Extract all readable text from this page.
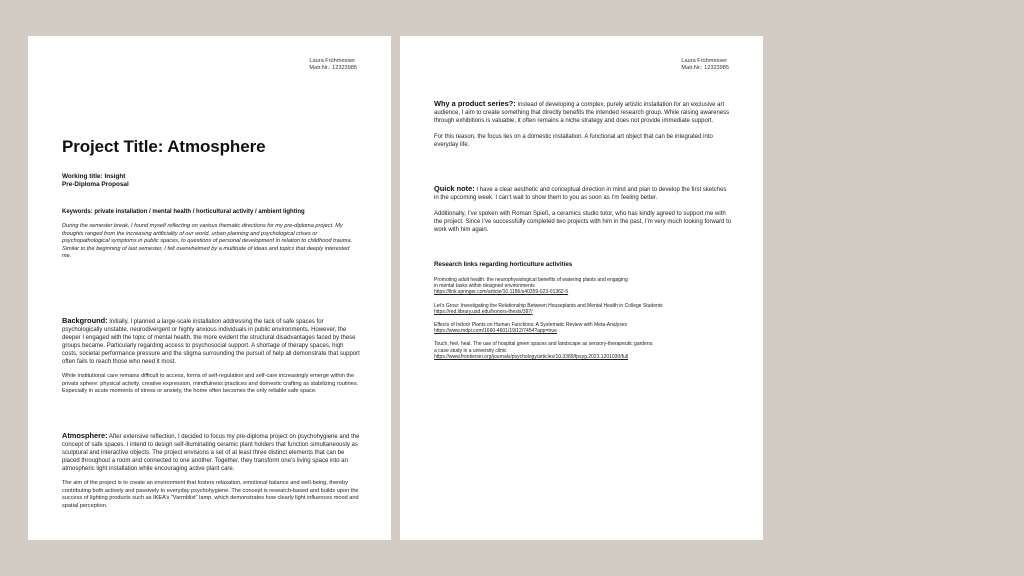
Laura Frühmesser
Matr.Nr.: 12323985
Project Title: Atmosphere
Working title: Insight
Pre-Diploma Proposal
Keywords: private installation / mental health / horticultural activity / ambient lighting

During the semester break, I found myself reflecting on various thematic directions for my pre-diploma project. My thoughts ranged from the increasing artificiality of our world, urban planning and psychological crises or psychopathological symptoms in public spaces, to questions of personal development in relation to childhood trauma. Similar to the beginning of last semester, I felt overwhelmed by a multitude of ideas and topics that deeply interested me.

Background: Initially, I planned a large-scale installation addressing the lack of safe spaces for psychologically unstable, neurodivergent or highly anxious individuals in public environments. However, the deeper I engaged with the topic of mental health, the more evident the structural disadvantages faced by these groups became. Particularly regarding access to psychosocial support. A shortage of therapy spaces, high costs, societal performance pressure and the stigma surrounding the pursuit of help all demonstrate that support often fails to reach those who need it most.

While institutional care remains difficult to access, forms of self-regulation and self-care increasingly emerge within the privats sphere: physical activity, creative expression, mindfulness practices and domestic crafting as stabilizing routines. Especially in acute moments of stress or anxiety, the home often becomes the only reliable safe space.

Atmosphere: After extensive reflection, I decided to focus my pre-diploma project on psychohygiene and the concept of safe spaces. I intend to design self-illuminating ceramic plant holders that function simultaneously as sculptural and interactive objects. The project envisions a set of at least three distinct elements that can be placed throughout a room and connected to one another. Together, they transform one’s living space into an atmospheric light installation while encouraging active plant care.

The aim of the project is to create an environment that fosters relaxation, emotional balance and well-being, thereby contributing both actively and passively to everyday psychohygiene. The concept is research-based and builds upon the success of lighting products such as IKEA’s “Varmblixt” lamp, which demonstrates how clearly light influences mood and spatial perception.

Laura Frühmesser
Matr.Nr.: 12323985

Why a product series?: Instead of developing a complex, purely artistic installation for an exclusive art audience, I aim to create something that directly benefits the intended research group. While raising awareness through exhibitions is valuable, it often remains a niche strategy and does not provide immediate support.

For this reason, the focus lies on a domestic installation. A functional art object that can be integrated into everyday life.

Quick note: I have a clear aesthetic and conceptual direction in mind and plan to develop the first sketches in the upcoming week. I can’t wait to show them to you as soon as I’m feeling better.

Additionally, I’ve spoken with Roman Spieß, a ceramics studio tutor, who has kindly agreed to support me with the project. Since I’ve successfully completed two projects with him in the past, I’m very much looking forward to work with him again.

Research links regarding horticulture activities

Promoting adult health: the neurophysiological benefits of watering plants and engaging

in mental tasks within designed environments

https://link.springer.com/article/10.1186/s40359-023-01362-5

Let’s Grow: Investigating the Relationship Between Houseplants and Mental Health in College Students

https://red.library.usd.edu/honors-thesis/397/

Effects of Indoor Plants on Human Functions: A Systematic Review with Meta-Analyses

https://www.mdpi.com/1660-4601/19/12/7454?app=true

Touch, feel, heal. The use of hospital green spaces and landscape as sensory-therapeutic gardens:

a case study in a university clinic

https://www.frontiersin.org/journals/psychology/articles/10.3389/fpsyg.2023.1201030/full
